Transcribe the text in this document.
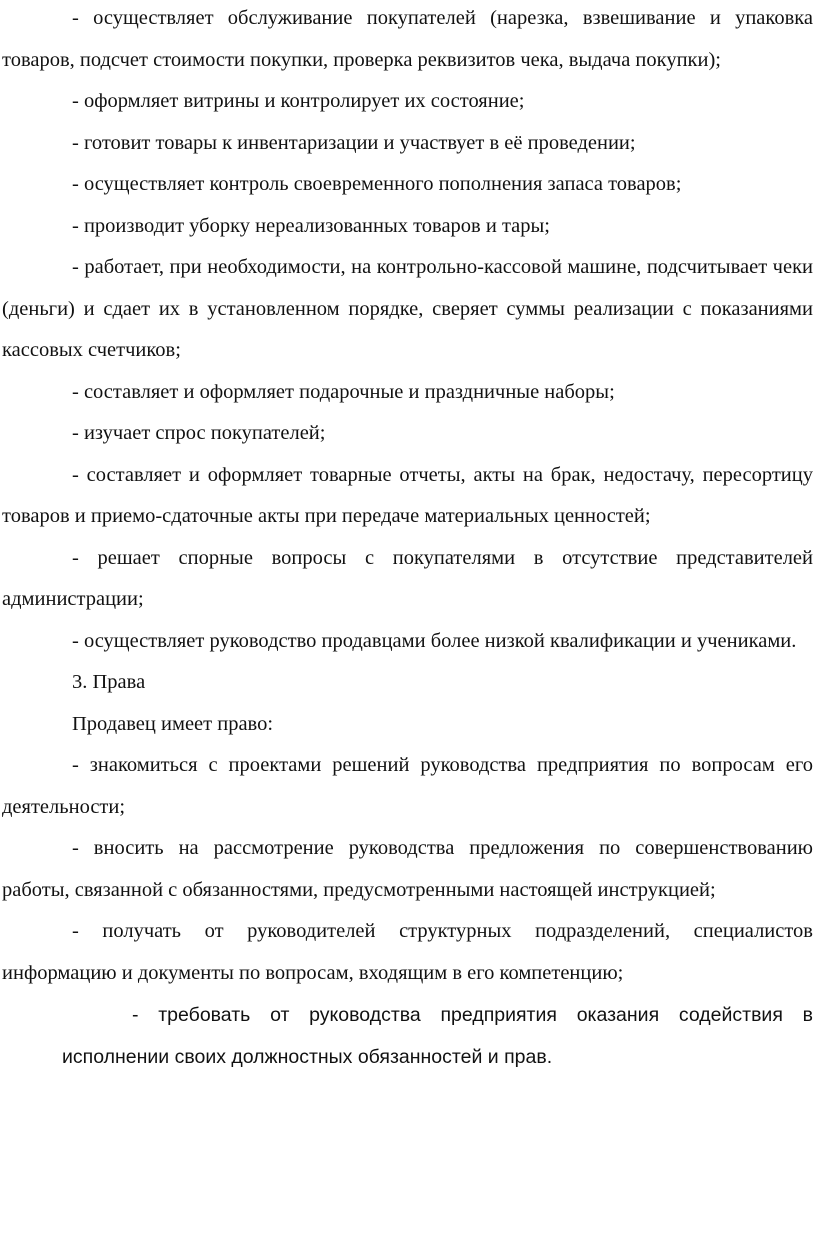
- осуществляет обслуживание покупателей (нарезка, взвешивание и упаковка товаров, подсчет стоимости покупки, проверка реквизитов чека, выдача покупки);

- оформляет витрины и контролирует их состояние;

- готовит товары к инвентаризации и участвует в её проведении;

- осуществляет контроль своевременного пополнения запаса товаров;

- производит уборку нереализованных товаров и тары;

- работает, при необходимости, на контрольно-кассовой машине, подсчитывает чеки (деньги) и сдает их в установленном порядке, сверяет суммы реализации с показаниями кассовых счетчиков;

- составляет и оформляет подарочные и праздничные наборы;

- изучает спрос покупателей;

- составляет и оформляет товарные отчеты, акты на брак, недостачу, пересортицу товаров и приемо-сдаточные акты при передаче материальных ценностей;

- решает спорные вопросы с покупателями в отсутствие представителей администрации;

- осуществляет руководство продавцами более низкой квалификации и учениками.

3. Права

Продавец имеет право:

- знакомиться с проектами решений руководства предприятия по вопросам его деятельности;

- вносить на рассмотрение руководства предложения по совершенствованию работы, связанной с обязанностями, предусмотренными настоящей инструкцией;

- получать от руководителей структурных подразделений, специалистов информацию и документы по вопросам, входящим в его компетенцию;

- требовать от руководства предприятия оказания содействия в исполнении своих должностных обязанностей и прав.
